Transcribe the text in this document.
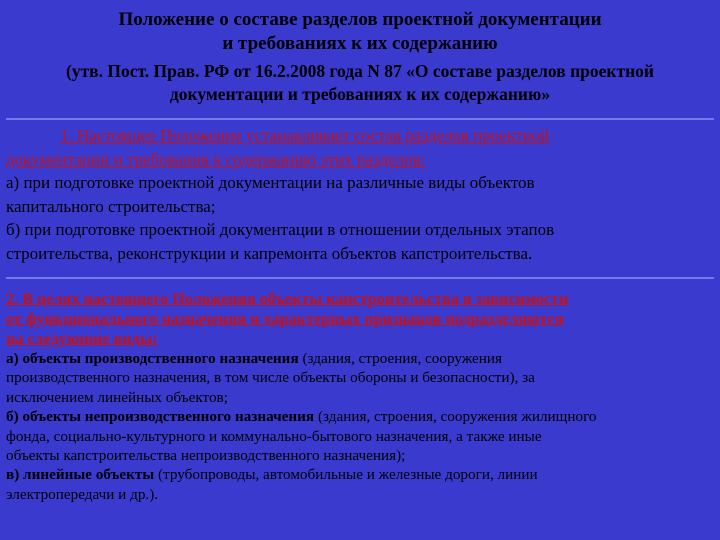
Положение о составе разделов проектной документации
и требованиях к их содержанию
(утв. Пост. Прав. РФ от 16.2.2008 года N 87 «О составе разделов проектной
документации и требованиях к их содержанию»
1. Настоящее Положение устанавливает состав разделов проектной
документации и требования к содержанию этих разделов:
а) при подготовке проектной документации на различные виды объектов
капитального строительства;
б) при подготовке проектной документации в отношении отдельных этапов
строительства, реконструкции и капремонта объектов капстроительства.
2. В целях настоящего Положения объекты капстроительства в зависимости
от функционального назначения и характерных признаков подразделяются
на следующие виды:
а) объекты производственного назначения (здания, строения, сооружения
производственного назначения, в том числе объекты обороны и безопасности), за
исключением линейных объектов;
б) объекты непроизводственного назначения (здания, строения, сооружения жилищного
фонда, социально-культурного и коммунально-бытового назначения, а также иные
объекты капстроительства непроизводственного назначения);
в) линейные объекты (трубопроводы, автомобильные и железные дороги, линии
электропередачи и др.).
